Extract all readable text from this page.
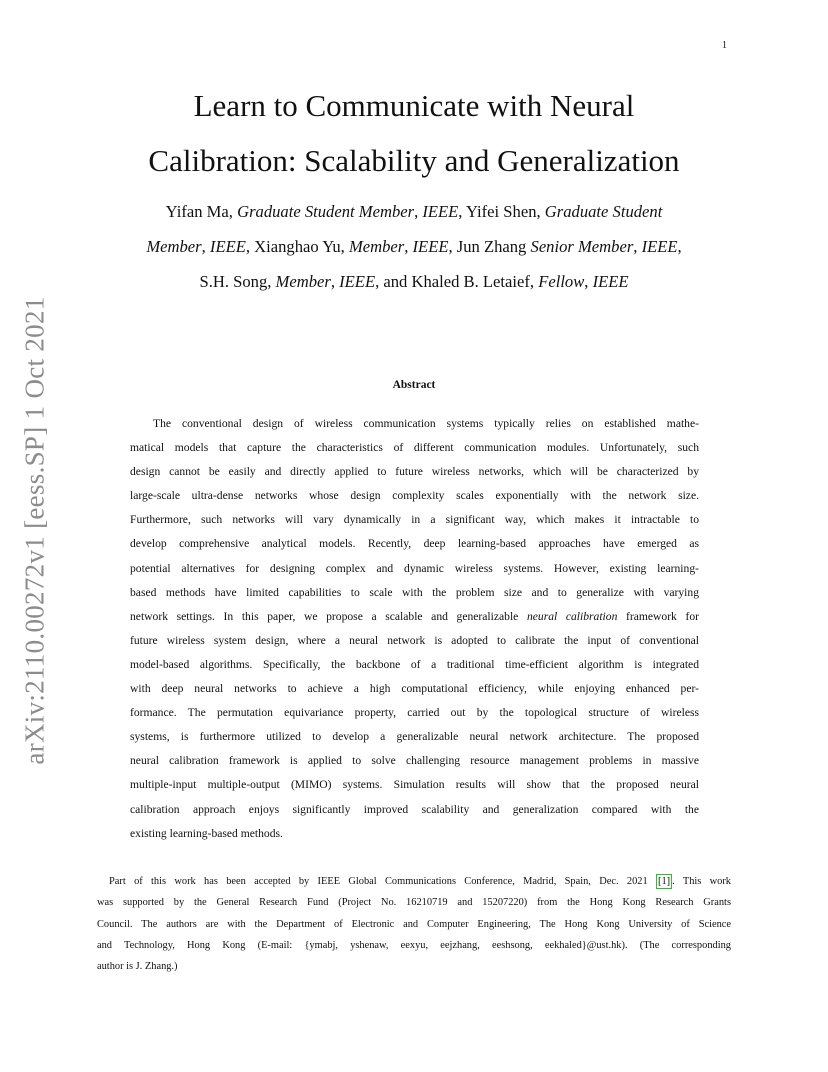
1
Learn to Communicate with Neural
Calibration: Scalability and Generalization
Yifan Ma, Graduate Student Member, IEEE, Yifei Shen, Graduate Student
Member, IEEE, Xianghao Yu, Member, IEEE, Jun Zhang Senior Member, IEEE,
S.H. Song, Member, IEEE, and Khaled B. Letaief, Fellow, IEEE
arXiv:2110.00272v1 [eess.SP] 1 Oct 2021	Abstract
The conventional design of wireless communication systems typically relies on established mathe-
matical models that capture the characteristics of different communication modules. Unfortunately, such
design cannot be easily and directly applied to future wireless networks, which will be characterized by
large-scale ultra-dense networks whose design complexity scales exponentially with the network size.
Furthermore, such networks will vary dynamically in a significant way, which makes it intractable to
develop comprehensive analytical models. Recently, deep learning-based approaches have emerged as
potential alternatives for designing complex and dynamic wireless systems. However, existing learning-
based methods have limited capabilities to scale with the problem size and to generalize with varying
network settings. In this paper, we propose a scalable and generalizable neural calibration framework for
future wireless system design, where a neural network is adopted to calibrate the input of conventional
model-based algorithms. Specifically, the backbone of a traditional time-efficient algorithm is integrated
with deep neural networks to achieve a high computational efficiency, while enjoying enhanced per-
formance. The permutation equivariance property, carried out by the topological structure of wireless
systems, is furthermore utilized to develop a generalizable neural network architecture. The proposed
neural calibration framework is applied to solve challenging resource management problems in massive
multiple-input multiple-output (MIMO) systems. Simulation results will show that the proposed neural
calibration approach enjoys significantly improved scalability and generalization compared with the
existing learning-based methods.
Part of this work has been accepted by IEEE Global Communications Conference, Madrid, Spain, Dec. 2021 [1] . This work
was supported by the General Research Fund (Project No. 16210719 and 15207220) from the Hong Kong Research Grants
Council. The authors are with the Department of Electronic and Computer Engineering, The Hong Kong University of Science
and Technology, Hong Kong (E-mail: {ymabj, yshenaw, eexyu, eejzhang, eeshsong, eekhaled}@ust.hk). (The corresponding
author is J. Zhang.)
